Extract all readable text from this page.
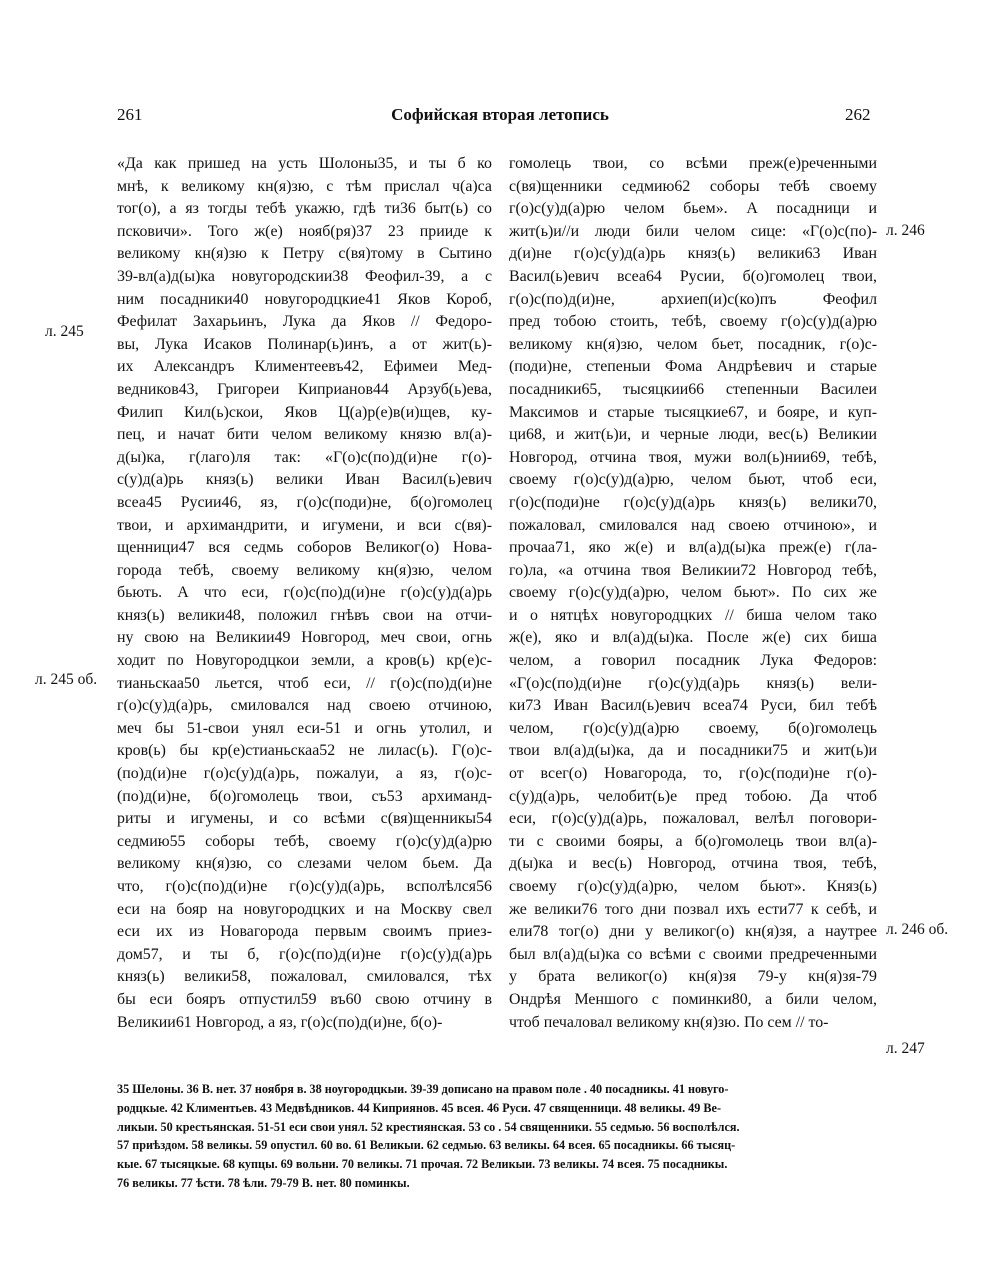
261	Софийская вторая летопись	262
«Да как пришед на усть Шолоны35, и ты б ко
мнѣ, к великому кн(я)зю, с тѣм прислал ч(а)са
тог(о), а яз тогды тебѣ укажю, гдѣ ти36 быт(ь) со
псковичи». Того ж(е) нояб(ря)37 23 прииде к
великому кн(я)зю к Петру с(вя)тому в Сытино
39-вл(а)д(ы)ка новугородскии38 Феофил-39, а с
ним посадники40 новугородцкие41 Яков Короб,
Фефилат Захарьинъ, Лука да Яков // Федоро-
вы, Лука Исаков Полинар(ь)инъ, а от жит(ь)-
их Александръ Климентеевъ42, Ефимеи Мед-
ведников43, Григореи Киприанов44 Арзуб(ь)ева,
Филип Кил(ь)скои, Яков Ц(а)р(е)в(и)щев, ку-
пец, и начат бити челом великому князю вл(а)-
д(ы)ка, г(лаго)ля так: «Г(о)с(по)д(и)не г(о)-
с(у)д(а)рь княз(ь) велики Иван Васил(ь)евич
всеа45 Русии46, яз, г(о)с(поди)не, б(о)гомолец
твои, и архимандрити, и игумени, и вси с(вя)-
щенници47 вся седмь соборов Великог(о) Нова-
города тебѣ, своему великому кн(я)зю, челом
бьють. А что еси, г(о)с(по)д(и)не г(о)с(у)д(а)рь
княз(ь) велики48, положил гнѣвъ свои на отчи-
ну свою на Великии49 Новгород, меч свои, огнь
ходит по Новугородцкои земли, а кров(ь) кр(е)с-
тианьскаа50 льется, чтоб еси, // г(о)с(по)д(и)не
г(о)с(у)д(а)рь, смиловался над своею отчиною,
меч бы 51-свои унял еси-51 и огнь утолил, и
кров(ь) бы кр(е)стианьскаа52 не лилас(ь). Г(о)с-
(по)д(и)не г(о)с(у)д(а)рь, пожалуи, а яз, г(о)с-
(по)д(и)не, б(о)гомолець твои, съ53 архиманд-
риты и игумены, и со всѣми с(вя)щенникы54
седмию55 соборы тебѣ, своему г(о)с(у)д(а)рю
великому кн(я)зю, со слезами челом бьем. Да
что, г(о)с(по)д(и)не г(о)с(у)д(а)рь, всполѣлся56
еси на бояр на новугородцких и на Москву свел
еси их из Новагорода первым своимъ приез-
дом57, и ты б, г(о)с(по)д(и)не г(о)с(у)д(а)рь
княз(ь) велики58, пожаловал, смиловался, тѣх
бы еси бояръ отпустил59 въ60 свою отчину в
Великии61 Новгород, а яз, г(о)с(по)д(и)не, б(о)-
гомолець твои, со всѣми преж(е)реченными
с(вя)щенники седмию62 соборы тебѣ своему
г(о)с(у)д(а)рю челом бьем». А посадници и
жит(ь)и//и люди били челом сице: «Г(о)с(по)-
д(и)не г(о)с(у)д(а)рь княз(ь) велики63 Иван
Васил(ь)евич всеа64 Русии, б(о)гомолец твои,
г(о)с(по)д(и)не, архиеп(и)с(ко)пъ Феофил
пред тобою стоить, тебѣ, своему г(о)с(у)д(а)рю
великому кн(я)зю, челом бьет, посадник, г(о)с-
(поди)не, степеныи Фома Андрѣевич и старые
посадники65, тысяцкии66 степенныи Василеи
Максимов и старые тысяцкие67, и бояре, и куп-
ци68, и жит(ь)и, и черные люди, вес(ь) Великии
Новгород, отчина твоя, мужи вол(ь)нии69, тебѣ,
своему г(о)с(у)д(а)рю, челом бьют, чтоб еси,
г(о)с(поди)не г(о)с(у)д(а)рь княз(ь) велики70,
пожаловал, смиловался над своею отчиною», и
прочаа71, яко ж(е) и вл(а)д(ы)ка преж(е) г(ла-
го)ла, «а отчина твоя Великии72 Новгород тебѣ,
своему г(о)с(у)д(а)рю, челом бьют». По сих же
и о нятцѣх новугородцких // биша челом тако
ж(е), яко и вл(а)д(ы)ка. После ж(е) сих биша
челом, а говорил посадник Лука Федоров:
«Г(о)с(по)д(и)не г(о)с(у)д(а)рь княз(ь) вели-
ки73 Иван Васил(ь)евич всеа74 Руси, бил тебѣ
челом, г(о)с(у)д(а)рю своему, б(о)гомолець
твои вл(а)д(ы)ка, да и посадники75 и жит(ь)и
от всег(о) Новагорода, то, г(о)с(поди)не г(о)-
с(у)д(а)рь, челобит(ь)е пред тобою. Да чтоб
еси, г(о)с(у)д(а)рь, пожаловал, велѣл поговори-
ти с своими бояры, а б(о)гомолець твои вл(а)-
д(ы)ка и вес(ь) Новгород, отчина твоя, тебѣ,
своему г(о)с(у)д(а)рю, челом бьют». Княз(ь)
же велики76 того дни позвал ихъ ести77 к себѣ, и
ели78 тог(о) дни у великог(о) кн(я)зя, а наутрее
был вл(а)д(ы)ка со всѣми с своими предреченными
у брата великог(о) кн(я)зя 79-у кн(я)зя-79
Ондрѣя Меншого с поминки80, а били челом,
чтоб печаловал великому кн(я)зю. По сем // то-
л. 245
л. 245 об.
л. 246
л. 246 об.
л. 247
35 Шелоны. 36 В. нет. 37 ноября в. 38 ноугородцкыи. 39-39 дописано на правом поле . 40 посадникы. 41 новуго-
родцкые. 42 Климентьев. 43 Медвѣдников. 44 Киприянов. 45 всея. 46 Руси. 47 священници. 48 великы. 49 Ве-
ликыи. 50 крестьянская. 51-51 еси свои унял. 52 крестиянская. 53 со . 54 священники. 55 седмью. 56 восполѣлся.
57 приѣздом. 58 великы. 59 опустил. 60 во. 61 Великыи. 62 седмью. 63 великы. 64 всея. 65 посадникы. 66 тысяц-
кые. 67 тысяцкые. 68 купцы. 69 вольни. 70 великы. 71 прочая. 72 Великыи. 73 великы. 74 всея. 75 посадникы.
76 великы. 77 ѣсти. 78 ѣли. 79-79 В. нет. 80 поминкы.
